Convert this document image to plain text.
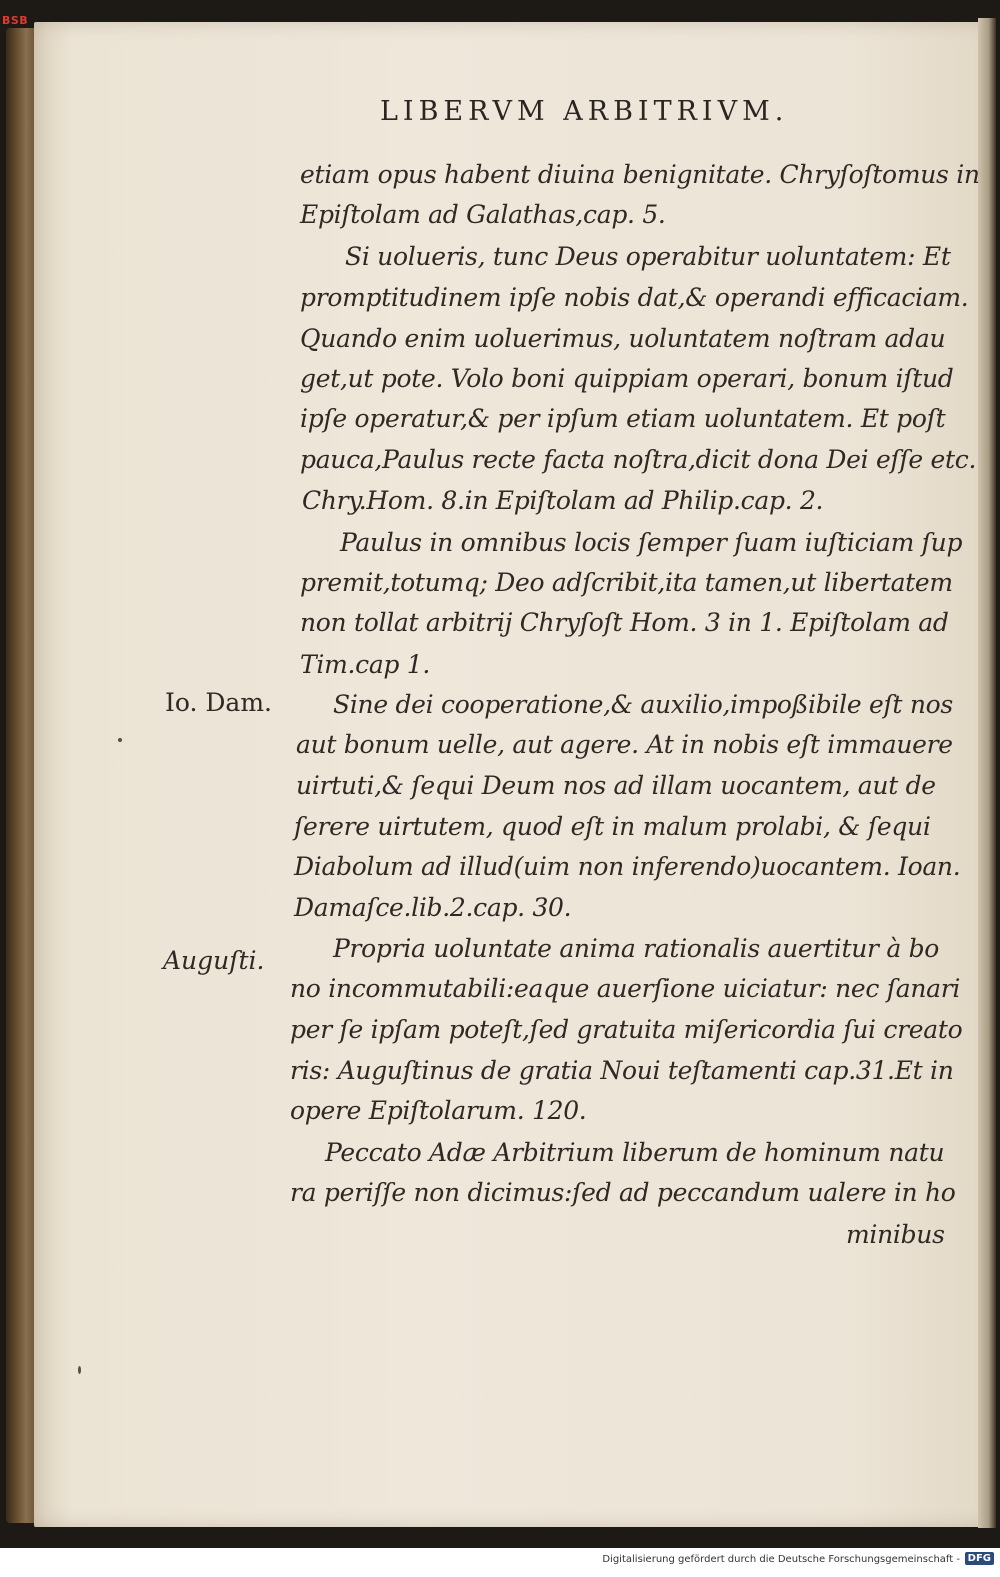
BSB
LIBERVM ARBITRIVM.
etiam opus habent diuina benignitate. Chryſoſtomus in
Epiſtolam ad Galathas,cap. 5.
Si uolueris, tunc Deus operabitur uoluntatem: Et
promptitudinem ipſe nobis dat,& operandi efficaciam.
Quando enim uoluerimus, uoluntatem noſtram adau
get,ut pote. Volo boni quippiam operari, bonum iſtud
ipſe operatur,& per ipſum etiam uoluntatem. Et poſt
pauca,Paulus recte facta noſtra,dicit dona Dei eſſe etc.
Chry.Hom. 8.in Epiſtolam ad Philip.cap. 2.
Paulus in omnibus locis ſemper ſuam iuſticiam ſup
premit,totumq; Deo adſcribit,ita tamen,ut libertatem
non tollat arbitrij Chryſoſt Hom. 3 in 1. Epiſtolam ad
Tim.cap 1.
Sine dei cooperatione,& auxilio,impoßibile eſt nos
aut bonum uelle, aut agere. At in nobis eſt immauere
uirtuti,& ſequi Deum nos ad illam uocantem, aut de
ſerere uirtutem, quod eſt in malum prolabi, & ſequi
Diabolum ad illud(uim non inferendo)uocantem. Ioan.
Damaſce.lib.2.cap. 30.
Propria uoluntate anima rationalis auertitur à bo
no incommutabili:eaque auerſione uiciatur: nec ſanari
per ſe ipſam poteſt,ſed gratuita miſericordia ſui creato
ris: Auguſtinus de gratia Noui teſtamenti cap.31.Et in
opere Epiſtolarum. 120.
Peccato Adæ Arbitrium liberum de hominum natu
ra periſſe non dicimus:ſed ad peccandum ualere in ho
minibus
Io. Dam.
Auguſti.
Digitalisierung gefördert durch die Deutsche Forschungsgemeinschaft - DFG
